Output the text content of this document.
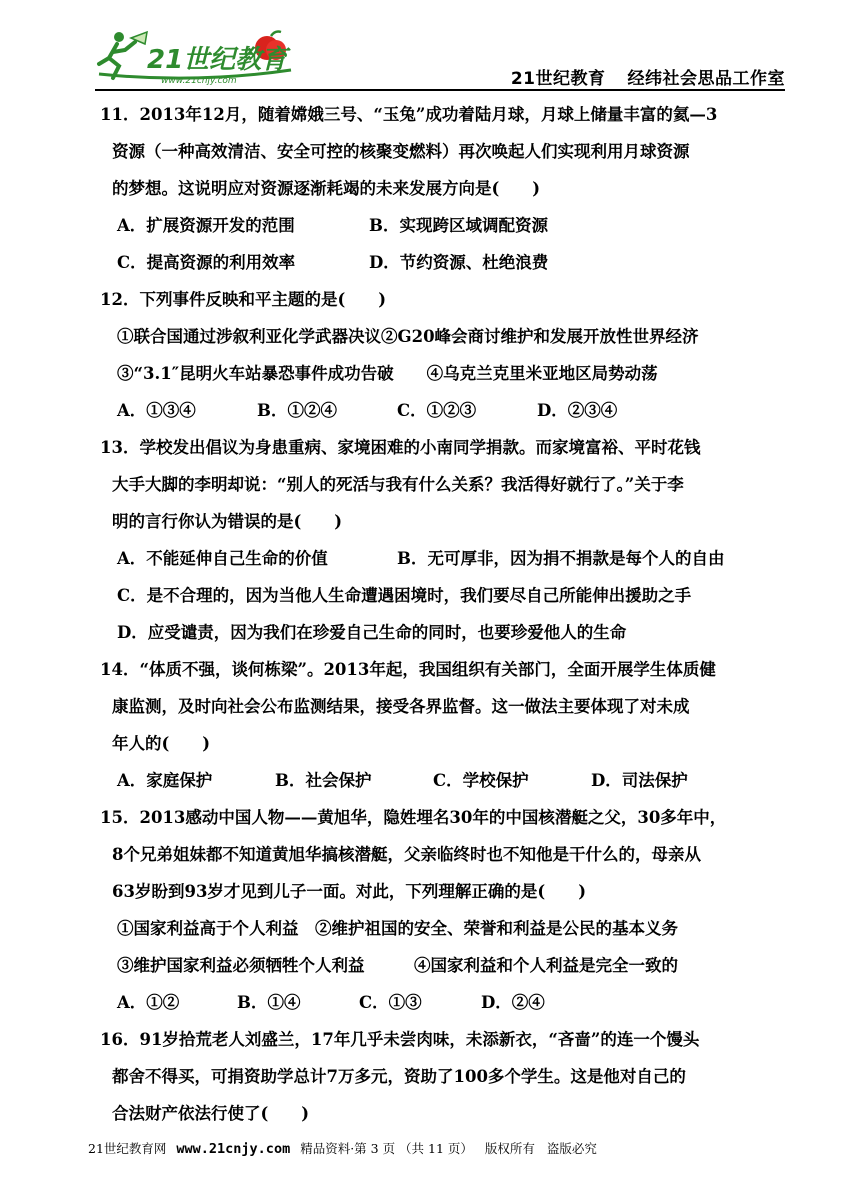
21世纪教育
www.21cnjy.com	21世纪教育 经纬社会思品工作室
11．2013年12月，随着嫦娥三号、“玉兔”成功着陆月球，月球上储量丰富的氦—3
资源（一种高效清洁、安全可控的核聚变燃料）再次唤起人们实现利用月球资源
的梦想。这说明应对资源逐渐耗竭的未来发展方向是(　　)
A．扩展资源开发的范围	B．实现跨区域调配资源
C．提高资源的利用效率	D．节约资源、杜绝浪费
12．下列事件反映和平主题的是(　　)
①联合国通过涉叙利亚化学武器决议②G20峰会商讨维护和发展开放性世界经济
③“3.1″昆明火车站暴恐事件成功告破　　④乌克兰克里米亚地区局势动荡
A．①③④	B．①②④	C．①②③	D．②③④
13．学校发出倡议为身患重病、家境困难的小南同学捐款。而家境富裕、平时花钱
大手大脚的李明却说：“别人的死活与我有什么关系？我活得好就行了。”关于李
明的言行你认为错误的是(　　)
A．不能延伸自己生命的价值	B．无可厚非，因为捐不捐款是每个人的自由
C．是不合理的，因为当他人生命遭遇困境时，我们要尽自己所能伸出援助之手
D．应受谴责，因为我们在珍爱自己生命的同时，也要珍爱他人的生命
14．“体质不强，谈何栋梁”。2013年起，我国组织有关部门，全面开展学生体质健
康监测，及时向社会公布监测结果，接受各界监督。这一做法主要体现了对未成
年人的(　　)
A．家庭保护	B．社会保护	C．学校保护	D．司法保护
15．2013感动中国人物——黄旭华，隐姓埋名30年的中国核潜艇之父，30多年中，
8个兄弟姐妹都不知道黄旭华搞核潜艇，父亲临终时也不知他是干什么的，母亲从
63岁盼到93岁才见到儿子一面。对此，下列理解正确的是(　　)
①国家利益高于个人利益　②维护祖国的安全、荣誉和利益是公民的基本义务
③维护国家利益必须牺牲个人利益　　　④国家利益和个人利益是完全一致的
A．①②	B．①④	C．①③	D．②④
16．91岁拾荒老人刘盛兰，17年几乎未尝肉味，未添新衣，“吝啬”的连一个馒头
都舍不得买，可捐资助学总计7万多元，资助了100多个学生。这是他对自己的
合法财产依法行使了(　　)
21世纪教育网 www.21cnjy.com 精品资料·第 3 页 （共 11 页） 版权所有 盗版必究
